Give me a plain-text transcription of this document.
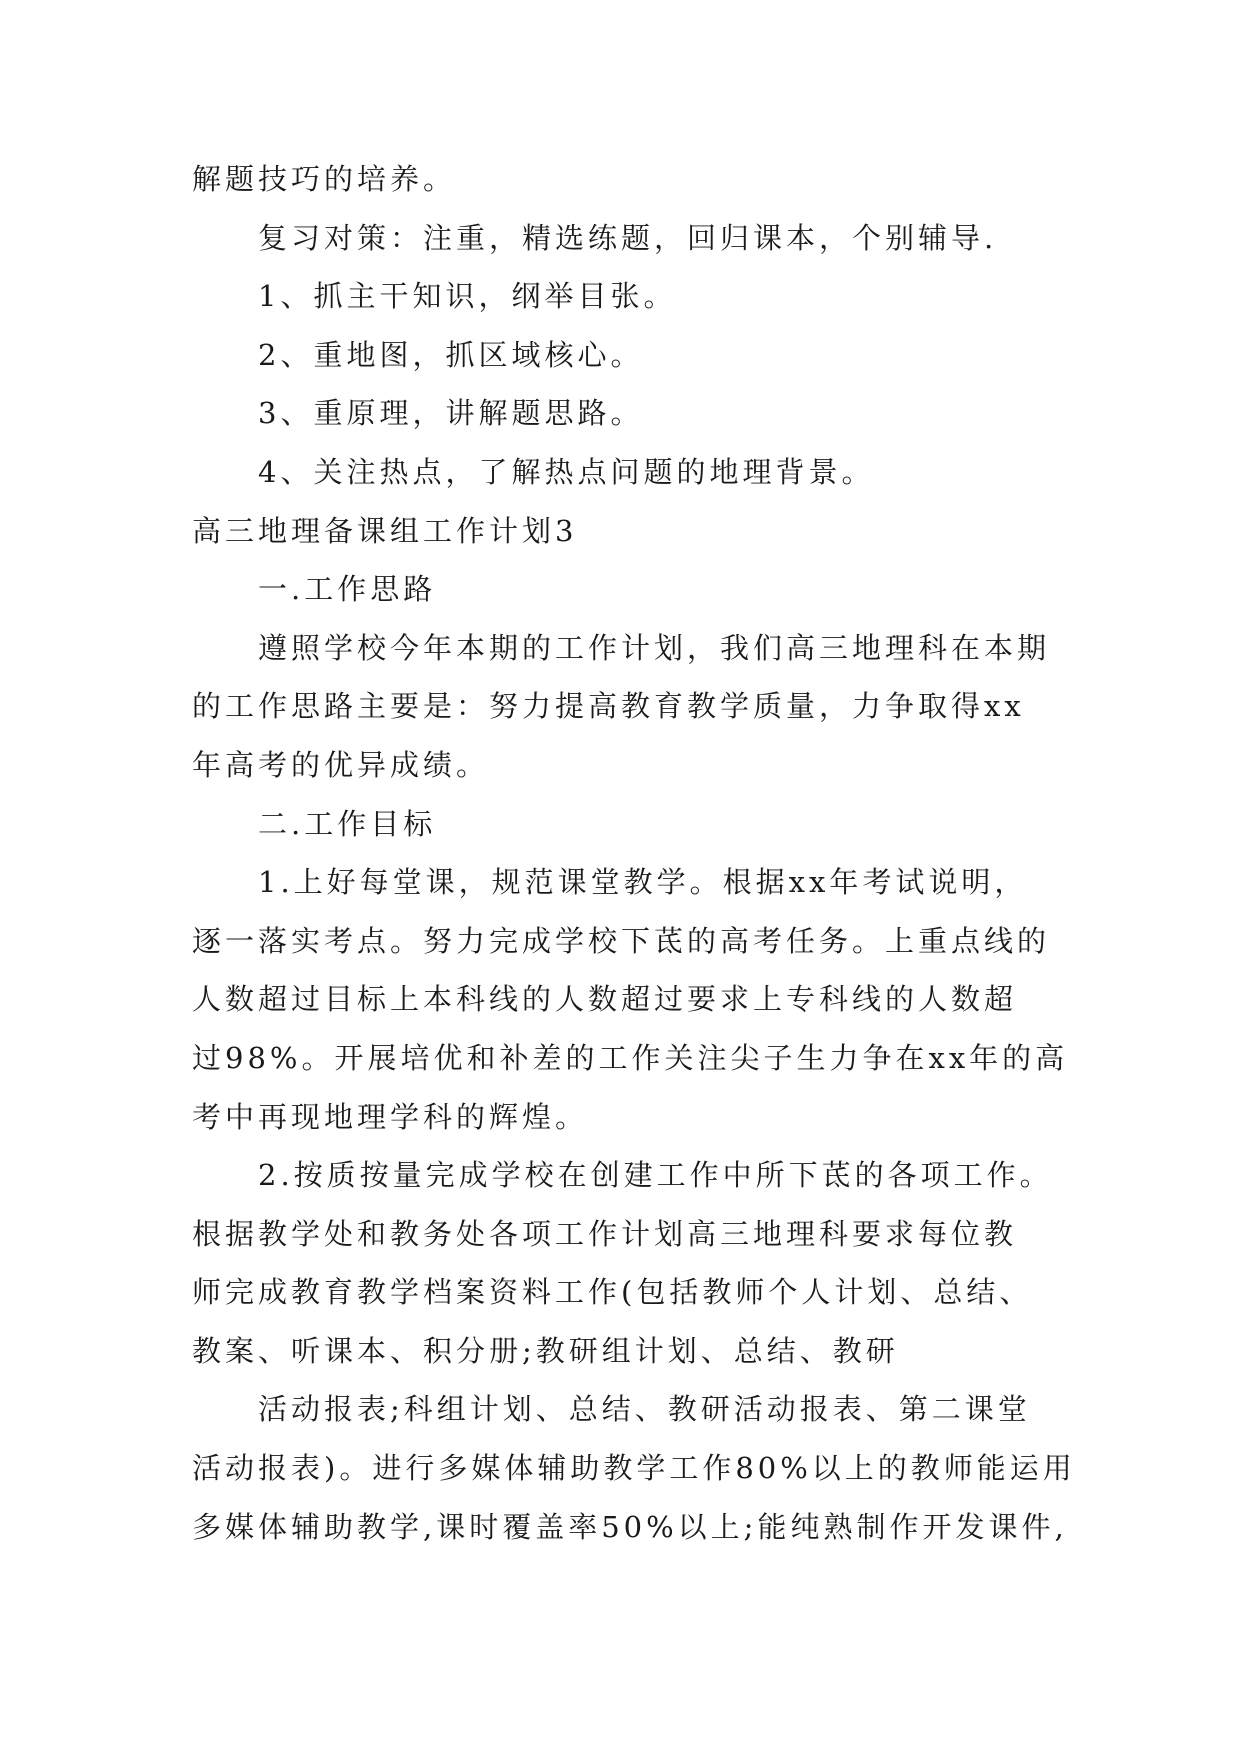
解题技巧的培养。
复习对策：注重，精选练题，回归课本，个别辅导.
1、抓主干知识，纲举目张。
2、重地图，抓区域核心。
3、重原理，讲解题思路。
4、关注热点，了解热点问题的地理背景。
高三地理备课组工作计划3
一.工作思路
遵照学校今年本期的工作计划，我们高三地理科在本期
的工作思路主要是：努力提高教育教学质量，力争取得xx
年高考的优异成绩。
二.工作目标
1.上好每堂课，规范课堂教学。根据xx年考试说明，
逐一落实考点。努力完成学校下茋的高考任务。上重点线的
人数超过目标上本科线的人数超过要求上专科线的人数超
过98%。开展培优和补差的工作关注尖子生力争在xx年的高
考中再现地理学科的辉煌。
2.按质按量完成学校在创建工作中所下茋的各项工作。
根据教学处和教务处各项工作计划高三地理科要求每位教
师完成教育教学档案资料工作(包括教师个人计划、总结、
教案、听课本、积分册;教研组计划、总结、教研
活动报表;科组计划、总结、教研活动报表、第二课堂
活动报表)。进行多媒体辅助教学工作80%以上的教师能运用
多媒体辅助教学,课时覆盖率50%以上;能纯熟制作开发课件,
